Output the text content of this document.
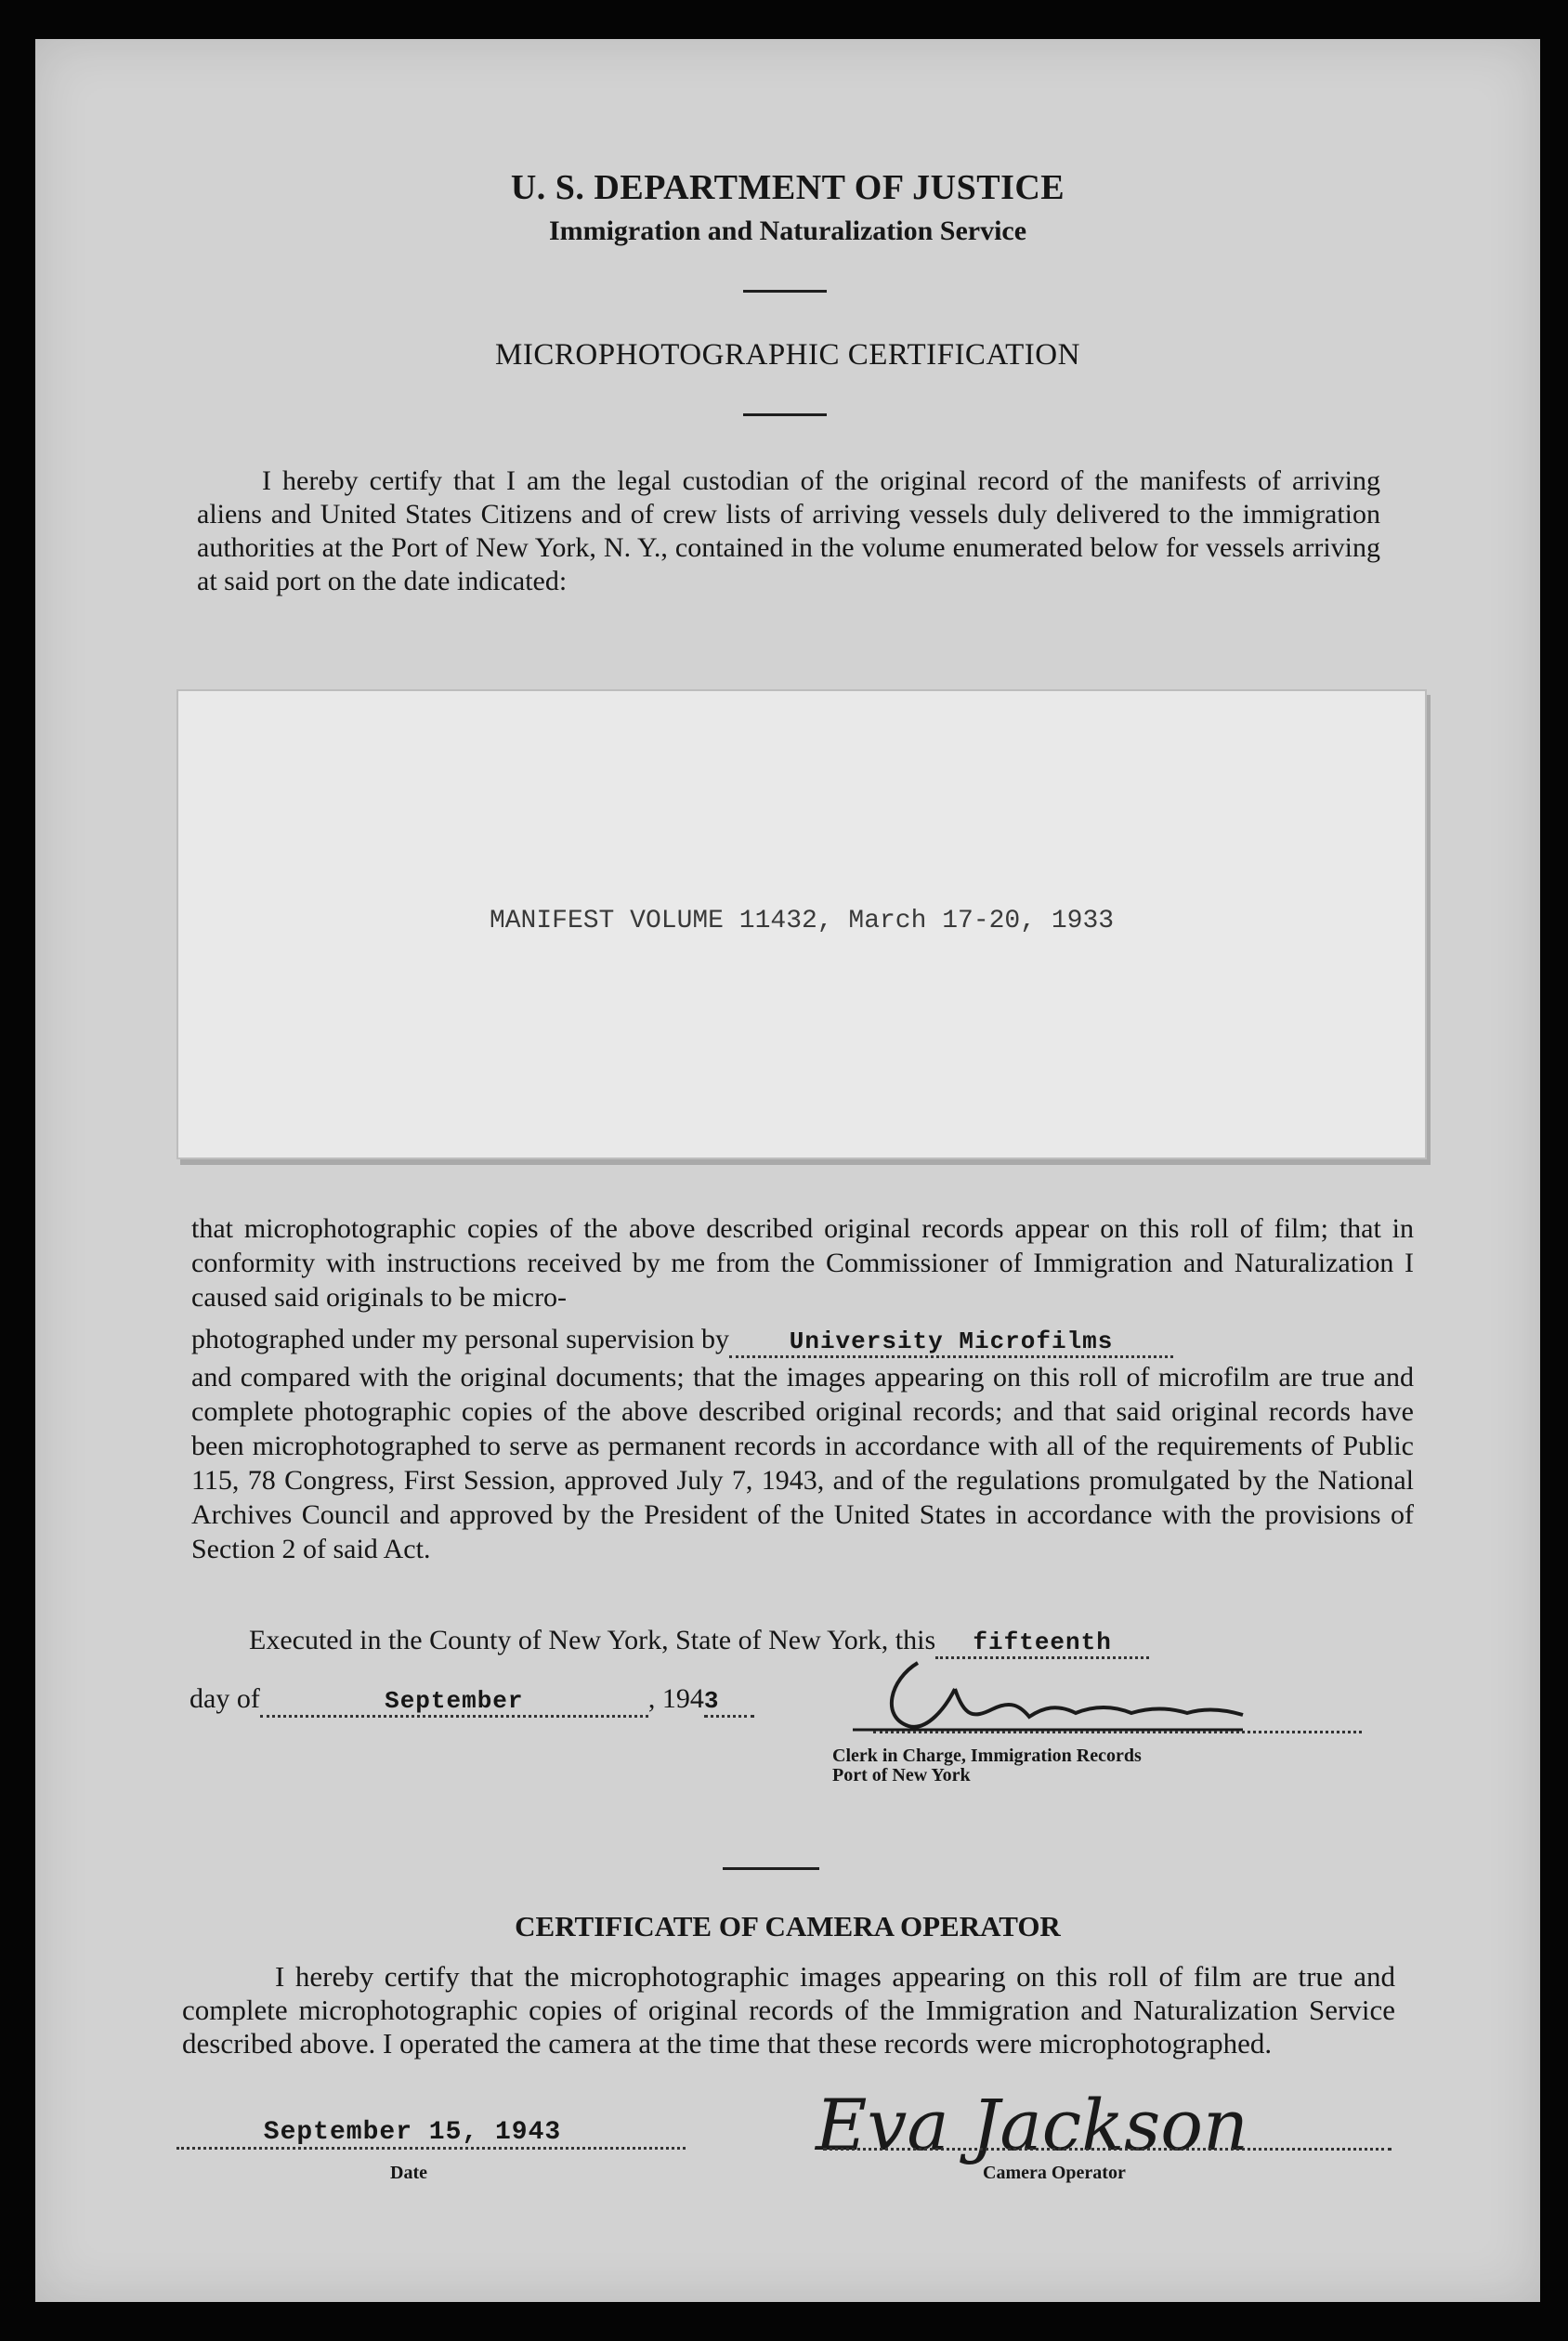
U. S. DEPARTMENT OF JUSTICE
Immigration and Naturalization Service
MICROPHOTOGRAPHIC CERTIFICATION

I hereby certify that I am the legal custodian of the original record of the manifests of arriving aliens and United States Citizens and of crew lists of arriving vessels duly delivered to the immigration authorities at the Port of New York, N. Y., contained in the volume enumerated below for vessels arriving at said port on the date indicated:

MANIFEST VOLUME 11432, March 17-20, 1933

that microphotographic copies of the above described original records appear on this roll of film; that in conformity with instructions received by me from the Commissioner of Immigration and Naturalization I caused said originals to be micro-

photographed under my personal supervision by University Microfilms

and compared with the original documents; that the images appearing on this roll of microfilm are true and complete photographic copies of the above described original records; and that said original records have been microphotographed to serve as permanent records in accordance with all of the requirements of Public 115, 78 Congress, First Session, approved July 7, 1943, and of the regulations promulgated by the National Archives Council and approved by the President of the United States in accordance with the provisions of Section 2 of said Act.

Executed in the County of New York, State of New York, this fifteenth
day of	September	, 1943
Clerk in Charge, Immigration Records
Port of New York
CERTIFICATE OF CAMERA OPERATOR

I hereby certify that the microphotographic images appearing on this roll of film are true and complete microphotographic copies of original records of the Immigration and Naturalization Service described above. I operated the camera at the time that these records were microphotographed.

September 15, 1943
Date
Eva Jackson
Camera Operator
